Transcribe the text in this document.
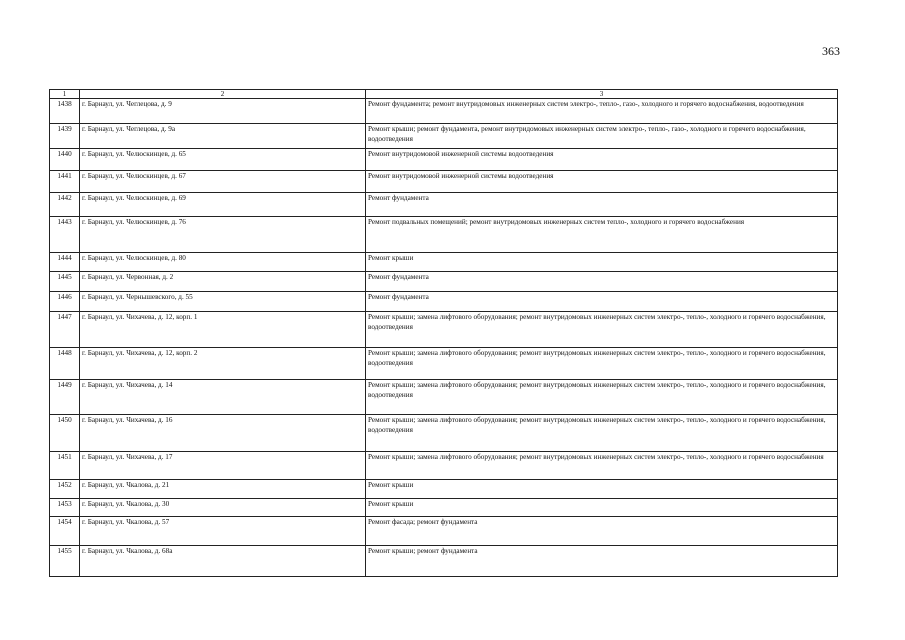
363
1	2	3
1438	г. Барнаул, ул. Чеглецова, д. 9	Ремонт фундамента; ремонт внутридомовых инженерных систем электро-, тепло-, газо-, холодного и горячего водоснабжения, водоотведения
1439	г. Барнаул, ул. Чеглецова, д. 9а	Ремонт крыши; ремонт фундамента, ремонт внутридомовых инженерных систем электро-, тепло-, газо-, холодного и горячего водоснабжения, водоотведения
1440	г. Барнаул, ул. Челюскинцев, д. 65	Ремонт внутридомовой инженерной системы водоотведения
1441	г. Барнаул, ул. Челюскинцев, д. 67	Ремонт внутридомовой инженерной системы водоотведения
1442	г. Барнаул, ул. Челюскинцев, д. 69	Ремонт фундамента
1443	г. Барнаул, ул. Челюскинцев, д. 76	Ремонт подвальных помещений; ремонт внутридомовых инженерных систем тепло-, холодного и горячего водоснабжения
1444	г. Барнаул, ул. Челюскинцев, д. 80	Ремонт крыши
1445	г. Барнаул, ул. Червонная, д. 2	Ремонт фундамента
1446	г. Барнаул, ул. Чернышевского, д. 55	Ремонт фундамента
1447	г. Барнаул, ул. Чихачева, д. 12, корп. 1	Ремонт крыши; замена лифтового оборудования; ремонт внутридомовых инженерных систем электро-, тепло-, холодного и горячего водоснабжения, водоотведения
1448	г. Барнаул, ул. Чихачева, д. 12, корп. 2	Ремонт крыши; замена лифтового оборудования; ремонт внутридомовых инженерных систем электро-, тепло-, холодного и горячего водоснабжения, водоотведения
1449	г. Барнаул, ул. Чихачева, д. 14	Ремонт крыши; замена лифтового оборудования; ремонт внутридомовых инженерных систем электро-, тепло-, холодного и горячего водоснабжения, водоотведения
1450	г. Барнаул, ул. Чихачева, д. 16	Ремонт крыши; замена лифтового оборудования; ремонт внутридомовых инженерных систем электро-, тепло-, холодного и горячего водоснабжения, водоотведения
1451	г. Барнаул, ул. Чихачева, д. 17	Ремонт крыши; замена лифтового оборудования; ремонт внутридомовых инженерных систем электро-, тепло-, холодного и горячего водоснабжения
1452	г. Барнаул, ул. Чкалова, д. 21	Ремонт крыши
1453	г. Барнаул, ул. Чкалова, д. 30	Ремонт крыши
1454	г. Барнаул, ул. Чкалова, д. 57	Ремонт фасада; ремонт фундамента
1455	г. Барнаул, ул. Чкалова, д. 68а	Ремонт крыши; ремонт фундамента
